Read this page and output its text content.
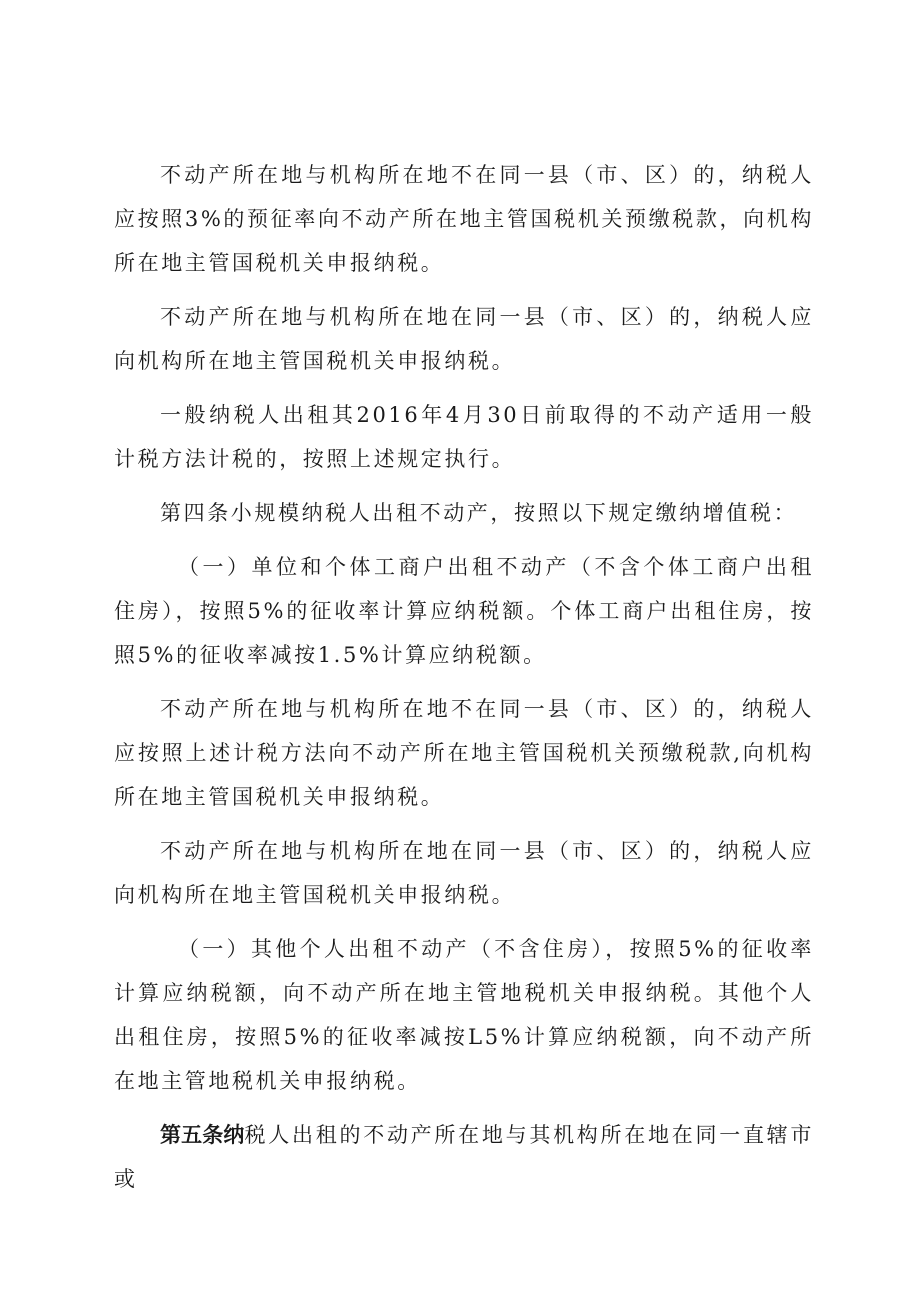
不动产所在地与机构所在地不在同一县（市、区）的，纳税人应按照3%的预征率向不动产所在地主管国税机关预缴税款，向机构所在地主管国税机关申报纳税。

不动产所在地与机构所在地在同一县（市、区）的，纳税人应向机构所在地主管国税机关申报纳税。

一般纳税人出租其2016年4月30日前取得的不动产适用一般计税方法计税的，按照上述规定执行。

第四条小规模纳税人出租不动产，按照以下规定缴纳增值税：

（一）单位和个体工商户出租不动产（不含个体工商户出租住房），按照5%的征收率计算应纳税额。个体工商户出租住房，按照5%的征收率减按1.5%计算应纳税额。

不动产所在地与机构所在地不在同一县（市、区）的，纳税人应按照上述计税方法向不动产所在地主管国税机关预缴税款,向机构所在地主管国税机关申报纳税。

不动产所在地与机构所在地在同一县（市、区）的，纳税人应向机构所在地主管国税机关申报纳税。

（一）其他个人出租不动产（不含住房），按照5%的征收率计算应纳税额，向不动产所在地主管地税机关申报纳税。其他个人出租住房，按照5%的征收率减按L5%计算应纳税额，向不动产所在地主管地税机关申报纳税。

第五条纳税人出租的不动产所在地与其机构所在地在同一直辖市或
